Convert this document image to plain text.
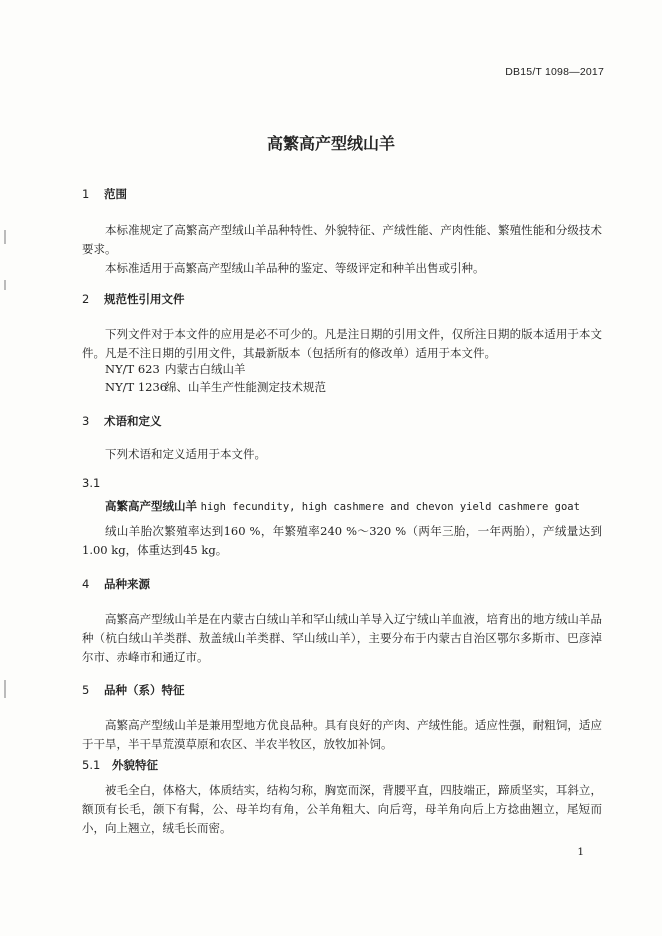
DB15/T 1098—2017
高繁高产型绒山羊
1 范围
本标准规定了高繁高产型绒山羊品种特性、外貌特征、产绒性能、产肉性能、繁殖性能和分级技术要求。
本标准适用于高繁高产型绒山羊品种的鉴定、等级评定和种羊出售或引种。
2 规范性引用文件
下列文件对于本文件的应用是必不可少的。凡是注日期的引用文件，仅所注日期的版本适用于本文件。凡是不注日期的引用文件，其最新版本（包括所有的修改单）适用于本文件。
NY/T 623 内蒙古白绒山羊
NY/T 1236绵、山羊生产性能测定技术规范
3 术语和定义
下列术语和定义适用于本文件。
3.1
高繁高产型绒山羊 high fecundity, high cashmere and chevon yield cashmere goat
绒山羊胎次繁殖率达到160 %，年繁殖率240 %～320 %（两年三胎，一年两胎），产绒量达到1.00 kg，体重达到45 kg。
4 品种来源
高繁高产型绒山羊是在内蒙古白绒山羊和罕山绒山羊导入辽宁绒山羊血液，培育出的地方绒山羊品种（杭白绒山羊类群、敖盖绒山羊类群、罕山绒山羊），主要分布于内蒙古自治区鄂尔多斯市、巴彦淖尔市、赤峰市和通辽市。
5 品种（系）特征
高繁高产型绒山羊是兼用型地方优良品种。具有良好的产肉、产绒性能。适应性强，耐粗饲，适应于干旱，半干旱荒漠草原和农区、半农半牧区，放牧加补饲。
5.1 外貌特征
被毛全白，体格大，体质结实，结构匀称，胸宽而深，背腰平直，四肢端正，蹄质坚实，耳斜立，额顶有长毛，颌下有髯，公、母羊均有角，公羊角粗大、向后弯，母羊角向后上方捻曲翘立，尾短而小，向上翘立，绒毛长而密。
1
